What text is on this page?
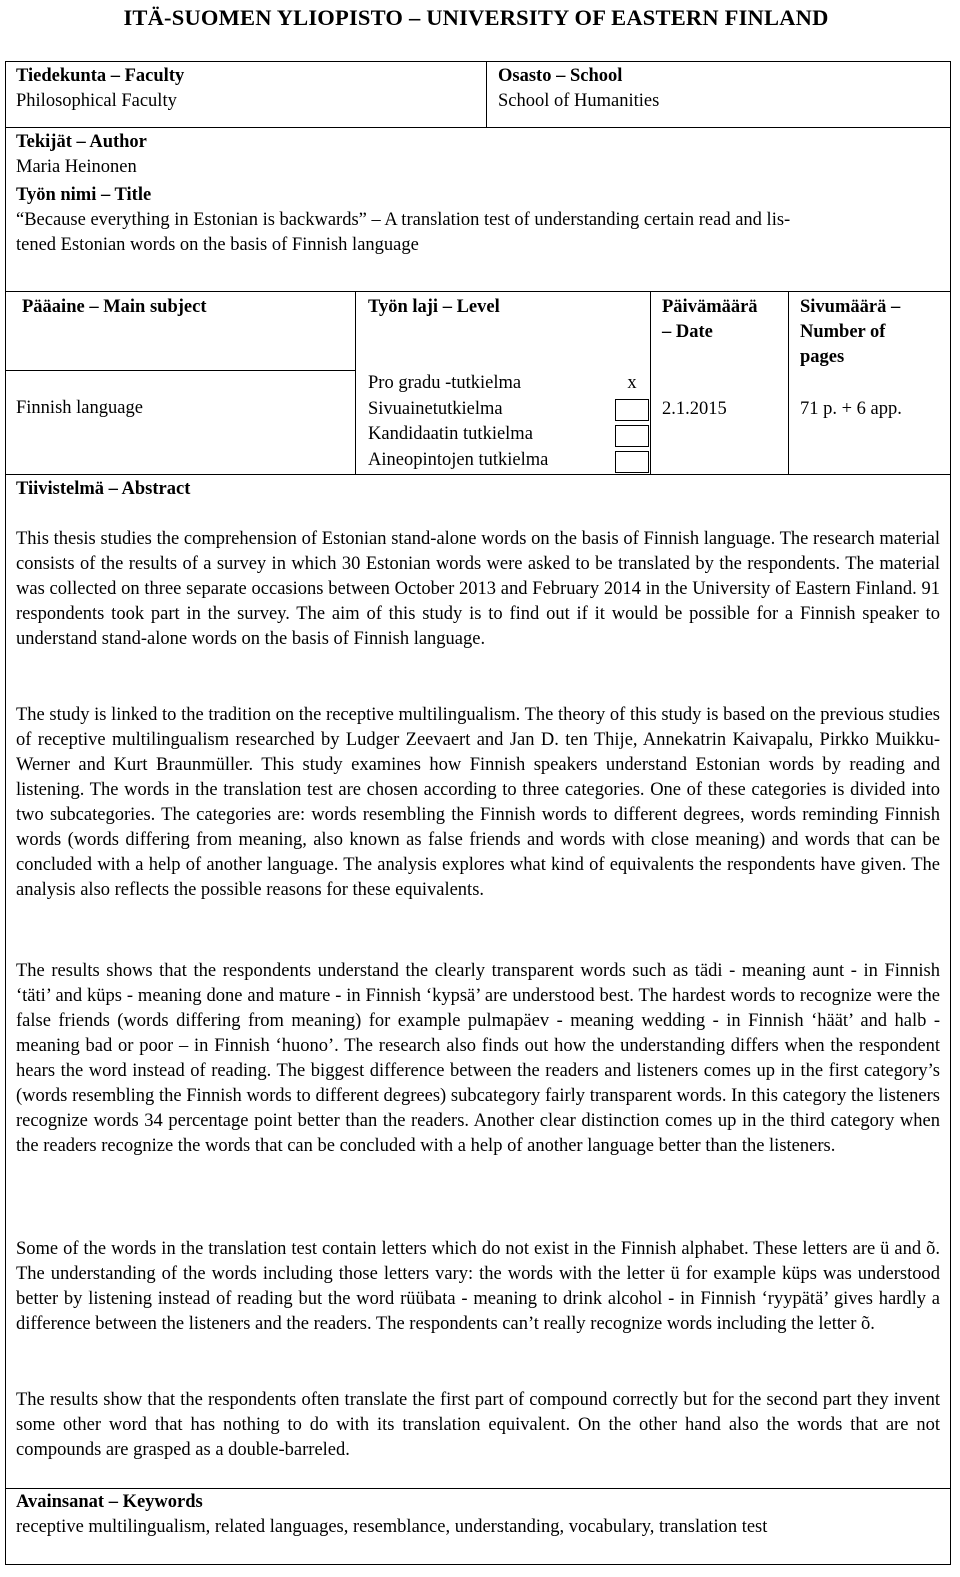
ITÄ-SUOMEN YLIOPISTO – UNIVERSITY OF EASTERN FINLAND
Tiedekunta – Faculty
Philosophical Faculty
Osasto – School
School of Humanities
Tekijät – Author
Maria Heinonen
Työn nimi – Title
“Because everything in Estonian is backwards” – A translation test of understanding certain read and lis-
tened Estonian words on the basis of Finnish language
Pääaine – Main subject
Finnish language
Työn laji – Level
Pro gradu -tutkielma
Sivuainetutkielma
Kandidaatin tutkielma
Aineopintojen tutkielma
x
Päivämäärä
– Date
2.1.2015
Sivumäärä –
Number of
pages
71 p. + 6 app.
Tiivistelmä – Abstract

This thesis studies the comprehension of Estonian stand-alone words on the basis of Finnish language. The research material consists of the results of a survey in which 30 Estonian words were asked to be translated by the respondents. The material was collected on three separate occasions between October 2013 and February 2014 in the University of Eastern Finland. 91 respondents took part in the survey. The aim of this study is to find out if it would be possible for a Finnish speaker to understand stand-alone words on the basis of Finnish language.

The study is linked to the tradition on the receptive multilingualism. The theory of this study is based on the previous studies of receptive multilingualism researched by Ludger Zeevaert and Jan D. ten Thije, Annekatrin Kaivapalu, Pirkko Muikku-Werner and Kurt Braunmüller. This study examines how Finnish speakers understand Estonian words by reading and listening. The words in the translation test are chosen according to three categories. One of these categories is divided into two subcategories. The categories are: words resembling the Finnish words to different degrees, words reminding Finnish words (words differing from meaning, also known as false friends and words with close meaning) and words that can be concluded with a help of another language. The analysis explores what kind of equivalents the respondents have given. The analysis also reflects the possible reasons for these equivalents.

The results shows that the respondents understand the clearly transparent words such as tädi - meaning aunt - in Finnish ‘täti’ and küps - meaning done and mature - in Finnish ‘kypsä’ are understood best. The hardest words to recognize were the false friends (words differing from meaning) for example pulmapäev - meaning wedding - in Finnish ‘häät’ and halb - meaning bad or poor – in Finnish ‘huono’. The research also finds out how the understanding differs when the respondent hears the word instead of reading. The biggest difference between the readers and listeners comes up in the first category’s (words resembling the Finnish words to different degrees) subcategory fairly transparent words. In this category the listeners recognize words 34 percentage point better than the readers. Another clear distinction comes up in the third category when the readers recognize the words that can be concluded with a help of another language better than the listeners.

Some of the words in the translation test contain letters which do not exist in the Finnish alphabet. These letters are ü and õ. The understanding of the words including those letters vary: the words with the letter ü for example küps was understood better by listening instead of reading but the word rüübata - meaning to drink alcohol - in Finnish ‘ryypätä’ gives hardly a difference between the listeners and the readers. The respondents can’t really recognize words including the letter õ.

The results show that the respondents often translate the first part of compound correctly but for the second part they invent some other word that has nothing to do with its translation equivalent. On the other hand also the words that are not compounds are grasped as a double-barreled.

Avainsanat – Keywords
receptive multilingualism, related languages, resemblance, understanding, vocabulary, translation test
